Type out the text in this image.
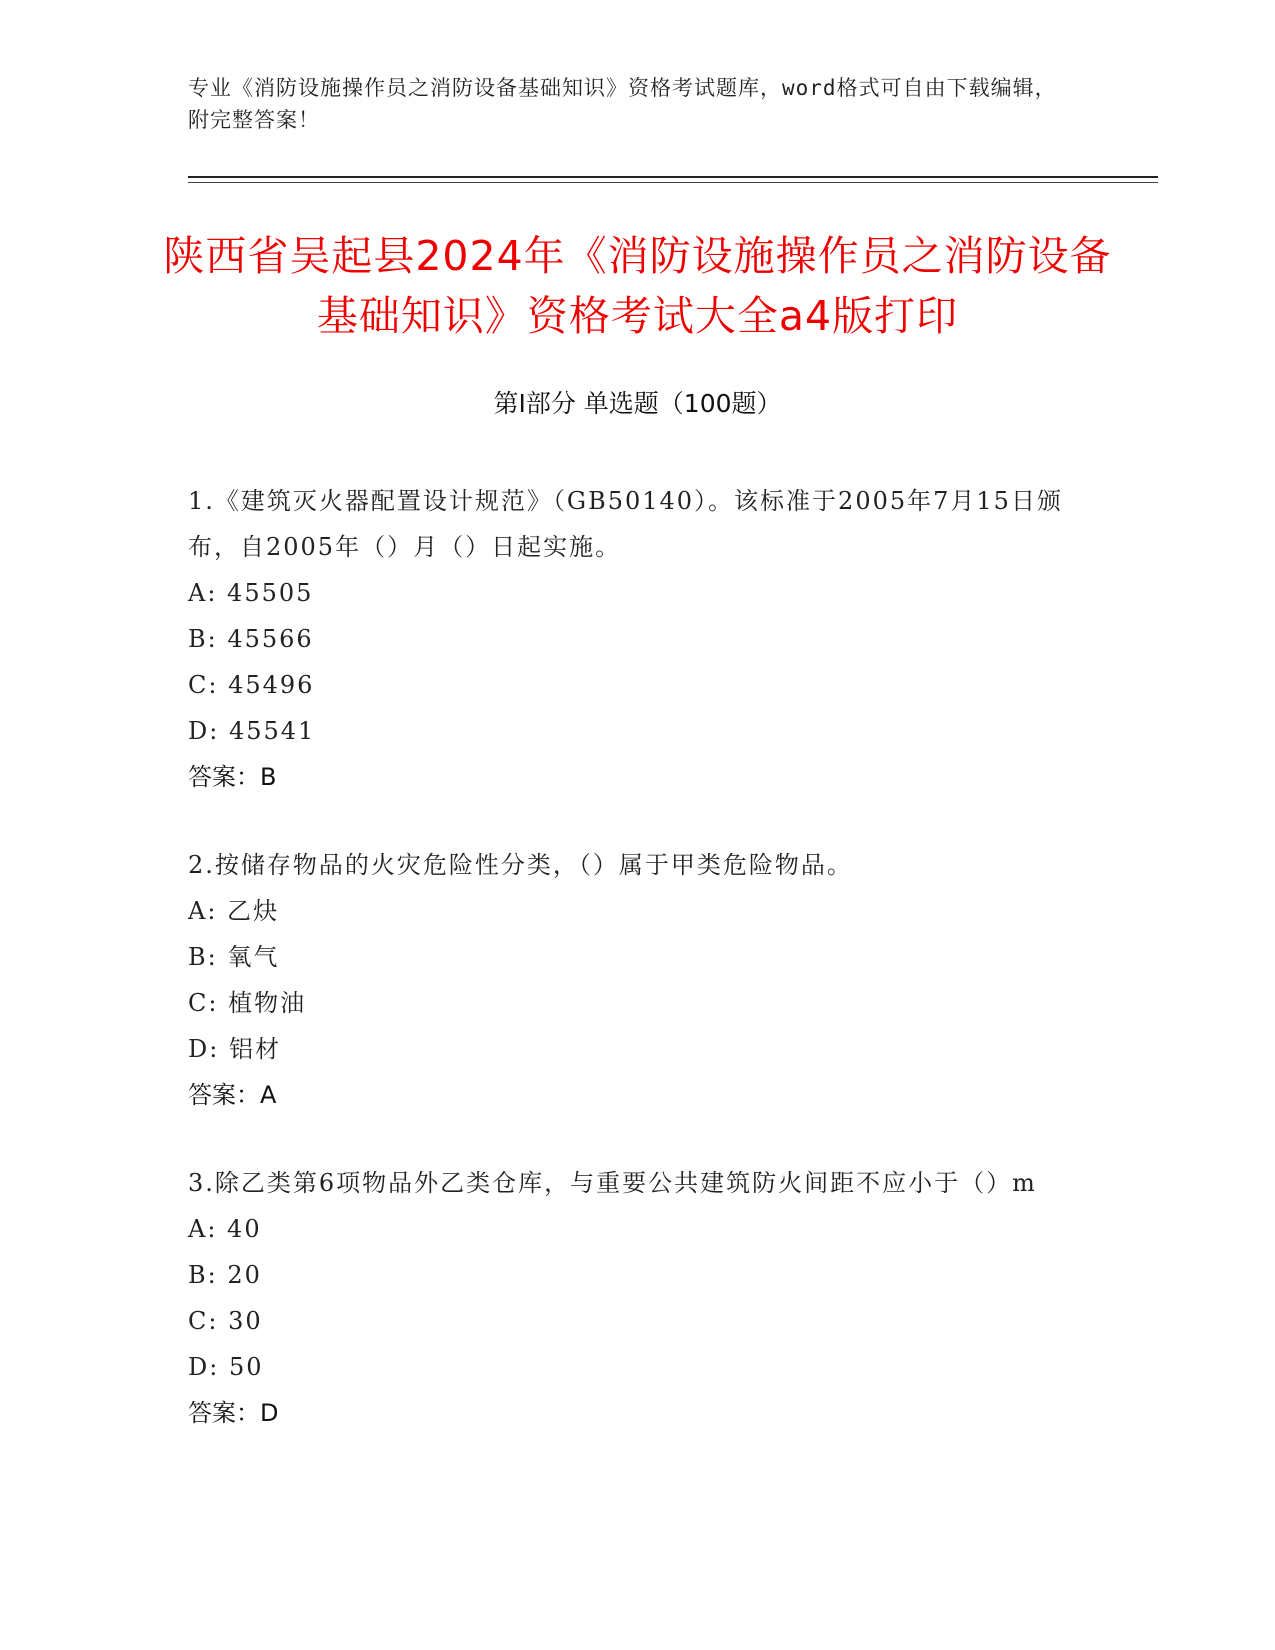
专业《消防设施操作员之消防设备基础知识》资格考试题库，word格式可自由下载编辑，附完整答案！
陕西省吴起县2024年《消防设施操作员之消防设备基础知识》资格考试大全a4版打印
第Ⅰ部分 单选题（100题）
1.《建筑灭火器配置设计规范》（GB50140）。该标准于2005年7月15日颁布，自2005年（）月（）日起实施。
A: 45505
B: 45566
C: 45496
D: 45541
答案：B
2.按储存物品的火灾危险性分类，（）属于甲类危险物品。
A: 乙炔
B: 氧气
C: 植物油
D: 铝材
答案：A
3.除乙类第6项物品外乙类仓库，与重要公共建筑防火间距不应小于（）m
A: 40
B: 20
C: 30
D: 50
答案：D
